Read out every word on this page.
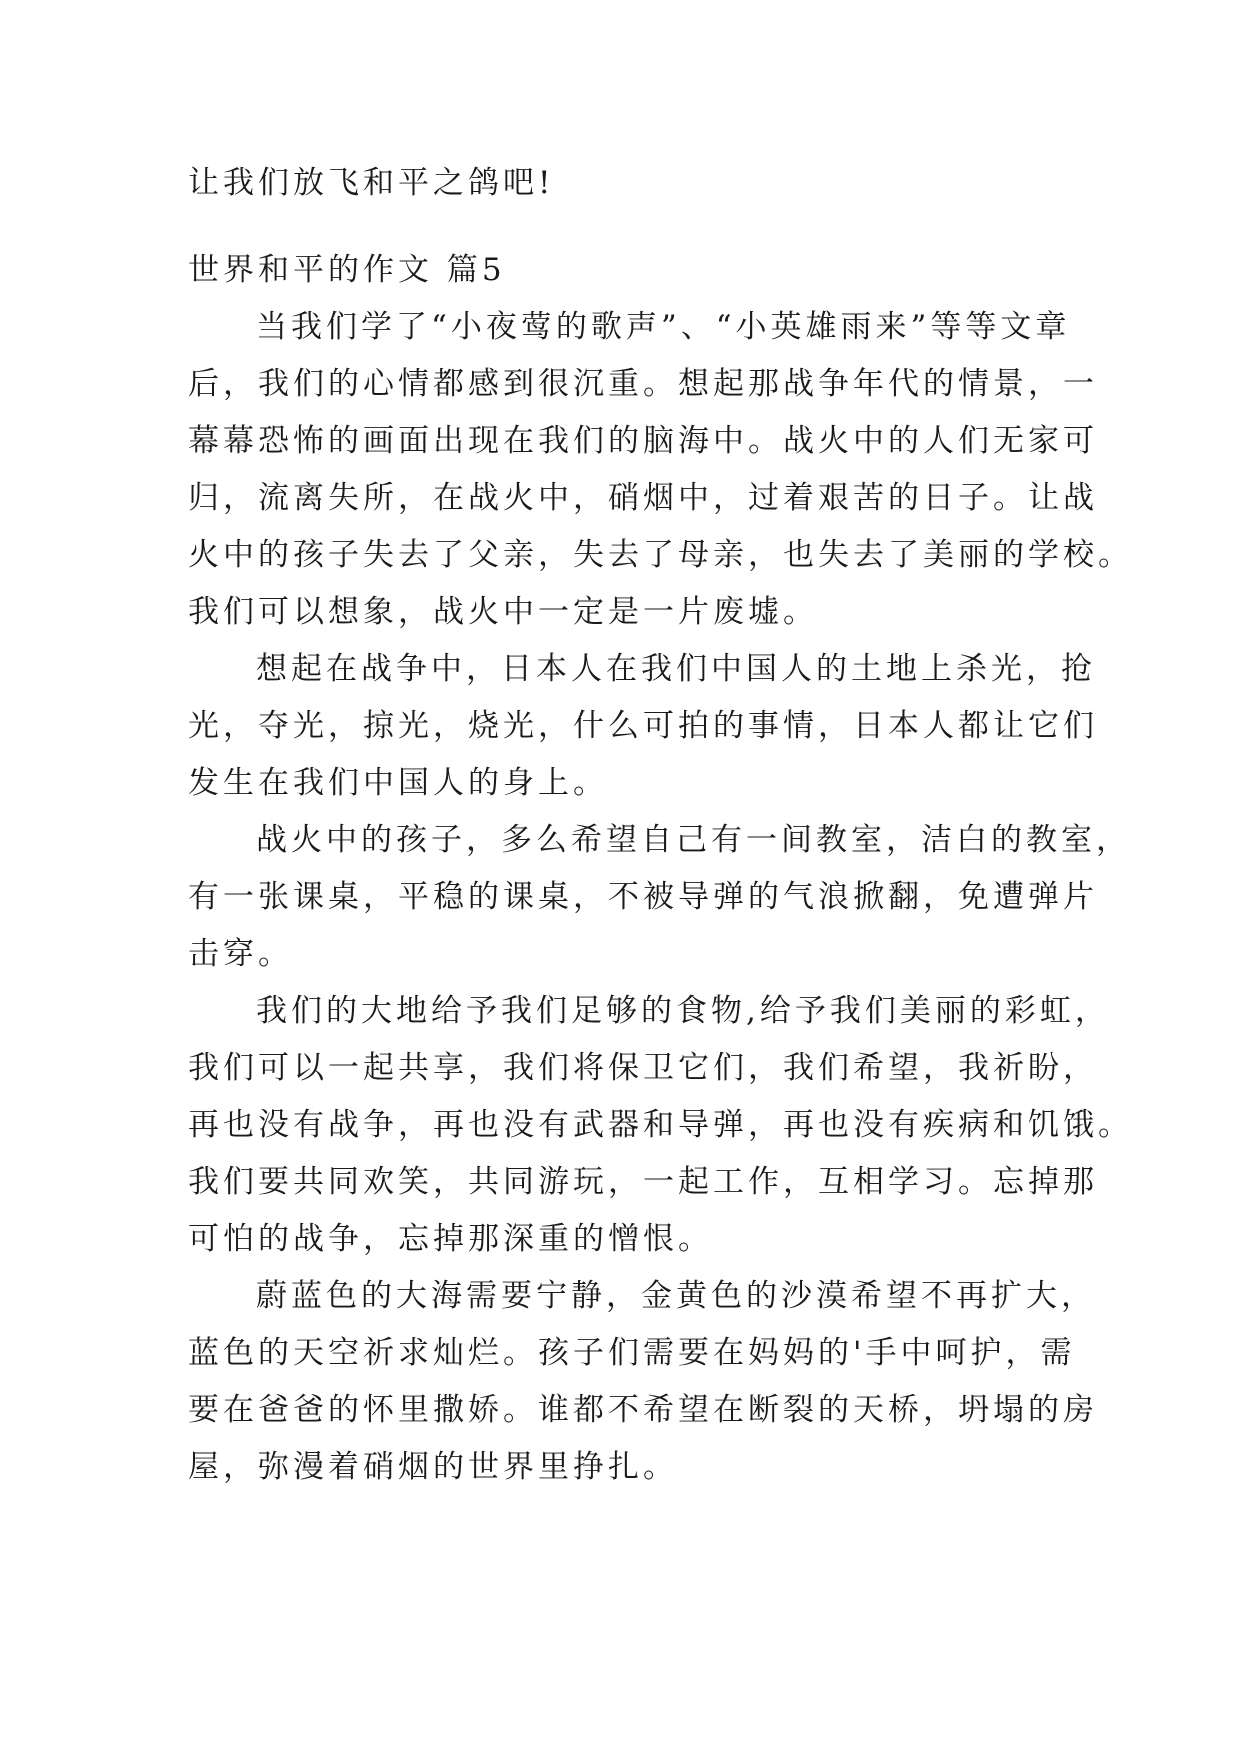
让我们放飞和平之鸽吧!
世界和平的作文 篇5
当我们学了“小夜莺的歌声”、“小英雄雨来”等等文章
后，我们的心情都感到很沉重。想起那战争年代的情景，一
幕幕恐怖的画面出现在我们的脑海中。战火中的人们无家可
归，流离失所，在战火中，硝烟中，过着艰苦的日子。让战
火中的孩子失去了父亲，失去了母亲，也失去了美丽的学校。
我们可以想象，战火中一定是一片废墟。
想起在战争中，日本人在我们中国人的土地上杀光，抢
光，夺光，掠光，烧光，什么可拍的事情，日本人都让它们
发生在我们中国人的身上。
战火中的孩子，多么希望自己有一间教室，洁白的教室，
有一张课桌，平稳的课桌，不被导弹的气浪掀翻，免遭弹片
击穿。
我们的大地给予我们足够的食物,给予我们美丽的彩虹，
我们可以一起共享，我们将保卫它们，我们希望，我祈盼，
再也没有战争，再也没有武器和导弹，再也没有疾病和饥饿。
我们要共同欢笑，共同游玩，一起工作，互相学习。忘掉那
可怕的战争，忘掉那深重的憎恨。
蔚蓝色的大海需要宁静，金黄色的沙漠希望不再扩大，
蓝色的天空祈求灿烂。孩子们需要在妈妈的'手中呵护，需
要在爸爸的怀里撒娇。谁都不希望在断裂的天桥，坍塌的房
屋，弥漫着硝烟的世界里挣扎。
